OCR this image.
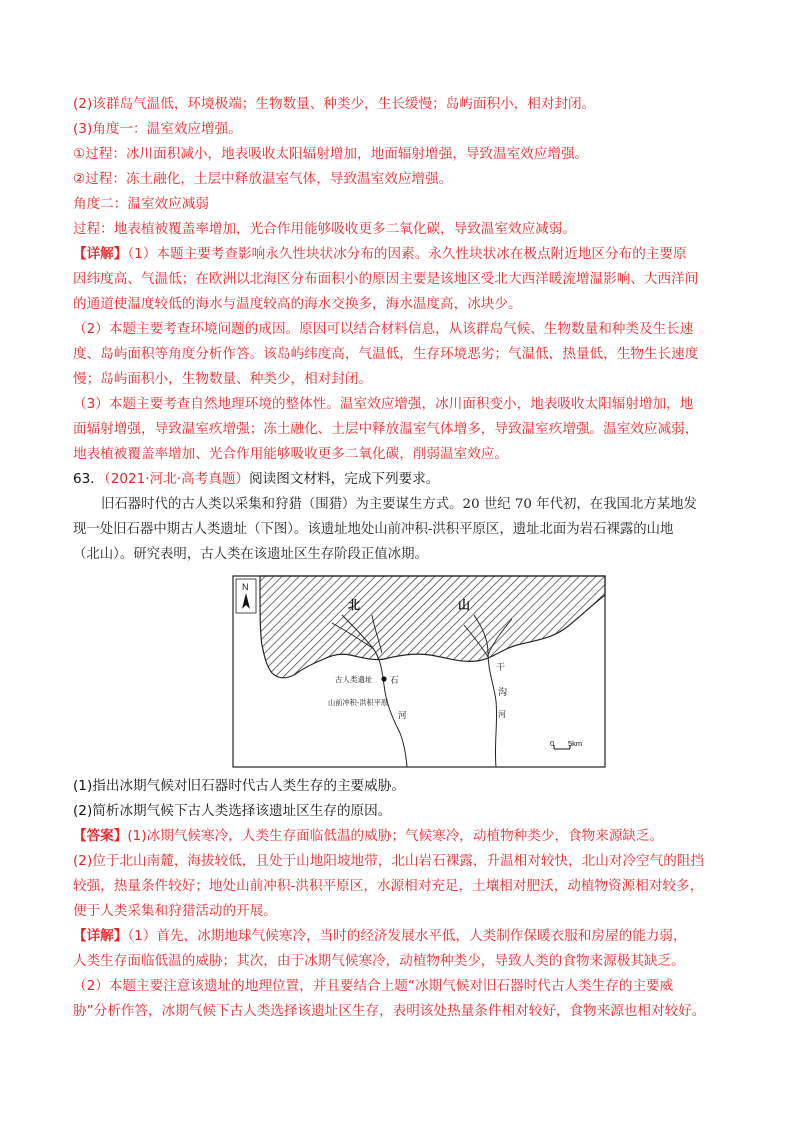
(2)该群岛气温低，环境极端；生物数量、种类少，生长缓慢；岛屿面积小，相对封闭。
(3)角度一：温室效应增强。
①过程：冰川面积减小，地表吸收太阳辐射增加，地面辐射增强，导致温室效应增强。
②过程：冻土融化，土层中释放温室气体，导致温室效应增强。
角度二：温室效应减弱
过程：地表植被覆盖率增加，光合作用能够吸收更多二氧化碳，导致温室效应减弱。
【详解】（1）本题主要考查影响永久性块状冰分布的因素。永久性块状冰在极点附近地区分布的主要原
因纬度高、气温低；在欧洲以北海区分布面积小的原因主要是该地区受北大西洋暖流增温影响、大西洋间
的通道使温度较低的海水与温度较高的海水交换多，海水温度高，冰块少。
（2）本题主要考查环境问题的成因。原因可以结合材料信息，从该群岛气候、生物数量和种类及生长速
度、岛屿面积等角度分析作答。该岛屿纬度高，气温低，生存环境恶劣；气温低，热量低，生物生长速度
慢；岛屿面积小，生物数量、种类少，相对封闭。
（3）本题主要考查自然地理环境的整体性。温室效应增强，冰川面积变小，地表吸收太阳辐射增加，地
面辐射增强，导致温室疚增强；冻土融化、土层中释放温室气体增多，导致温室疚增强。温室效应减弱，
地表植被覆盖率增加、光合作用能够吸收更多二氧化碳，削弱温室效应。
63．（2021·河北·高考真题）阅读图文材料，完成下列要求。
旧石器时代的古人类以采集和狩猎（围猎）为主要谋生方式。20 世纪 70 年代初，在我国北方某地发
现一处旧石器中期古人类遗址（下图）。该遗址地处山前冲积-洪积平原区，遗址北面为岩石裸露的山地
（北山）。研究表明，古人类在该遗址区生存阶段正值冰期。
N
北	山
古人类遗址 石
山前冲积-洪积平原
河
干
沟
河
0 5km
(1)指出冰期气候对旧石器时代古人类生存的主要威胁。
(2)简析冰期气候下古人类选择该遗址区生存的原因。
【答案】(1)冰期气候寒冷，人类生存面临低温的威胁；气候寒冷，动植物种类少，食物来源缺乏。
(2)位于北山南麓，海拔较低，且处于山地阳坡地带，北山岩石裸露，升温相对较快，北山对冷空气的阻挡
较强，热量条件较好；地处山前冲积-洪积平原区，水源相对充足，土壤相对肥沃，动植物资源相对较多，
便于人类采集和狩猎活动的开展。
【详解】（1）首先，冰期地球气候寒冷，当时的经济发展水平低，人类制作保暖衣服和房屋的能力弱，
人类生存面临低温的威胁；其次，由于冰期气候寒冷，动植物种类少，导致人类的食物来源极其缺乏。
（2）本题主要注意该遗址的地理位置，并且要结合上题“冰期气候对旧石器时代古人类生存的主要威
胁”分析作答，冰期气候下古人类选择该遗址区生存，表明该处热量条件相对较好，食物来源也相对较好。
